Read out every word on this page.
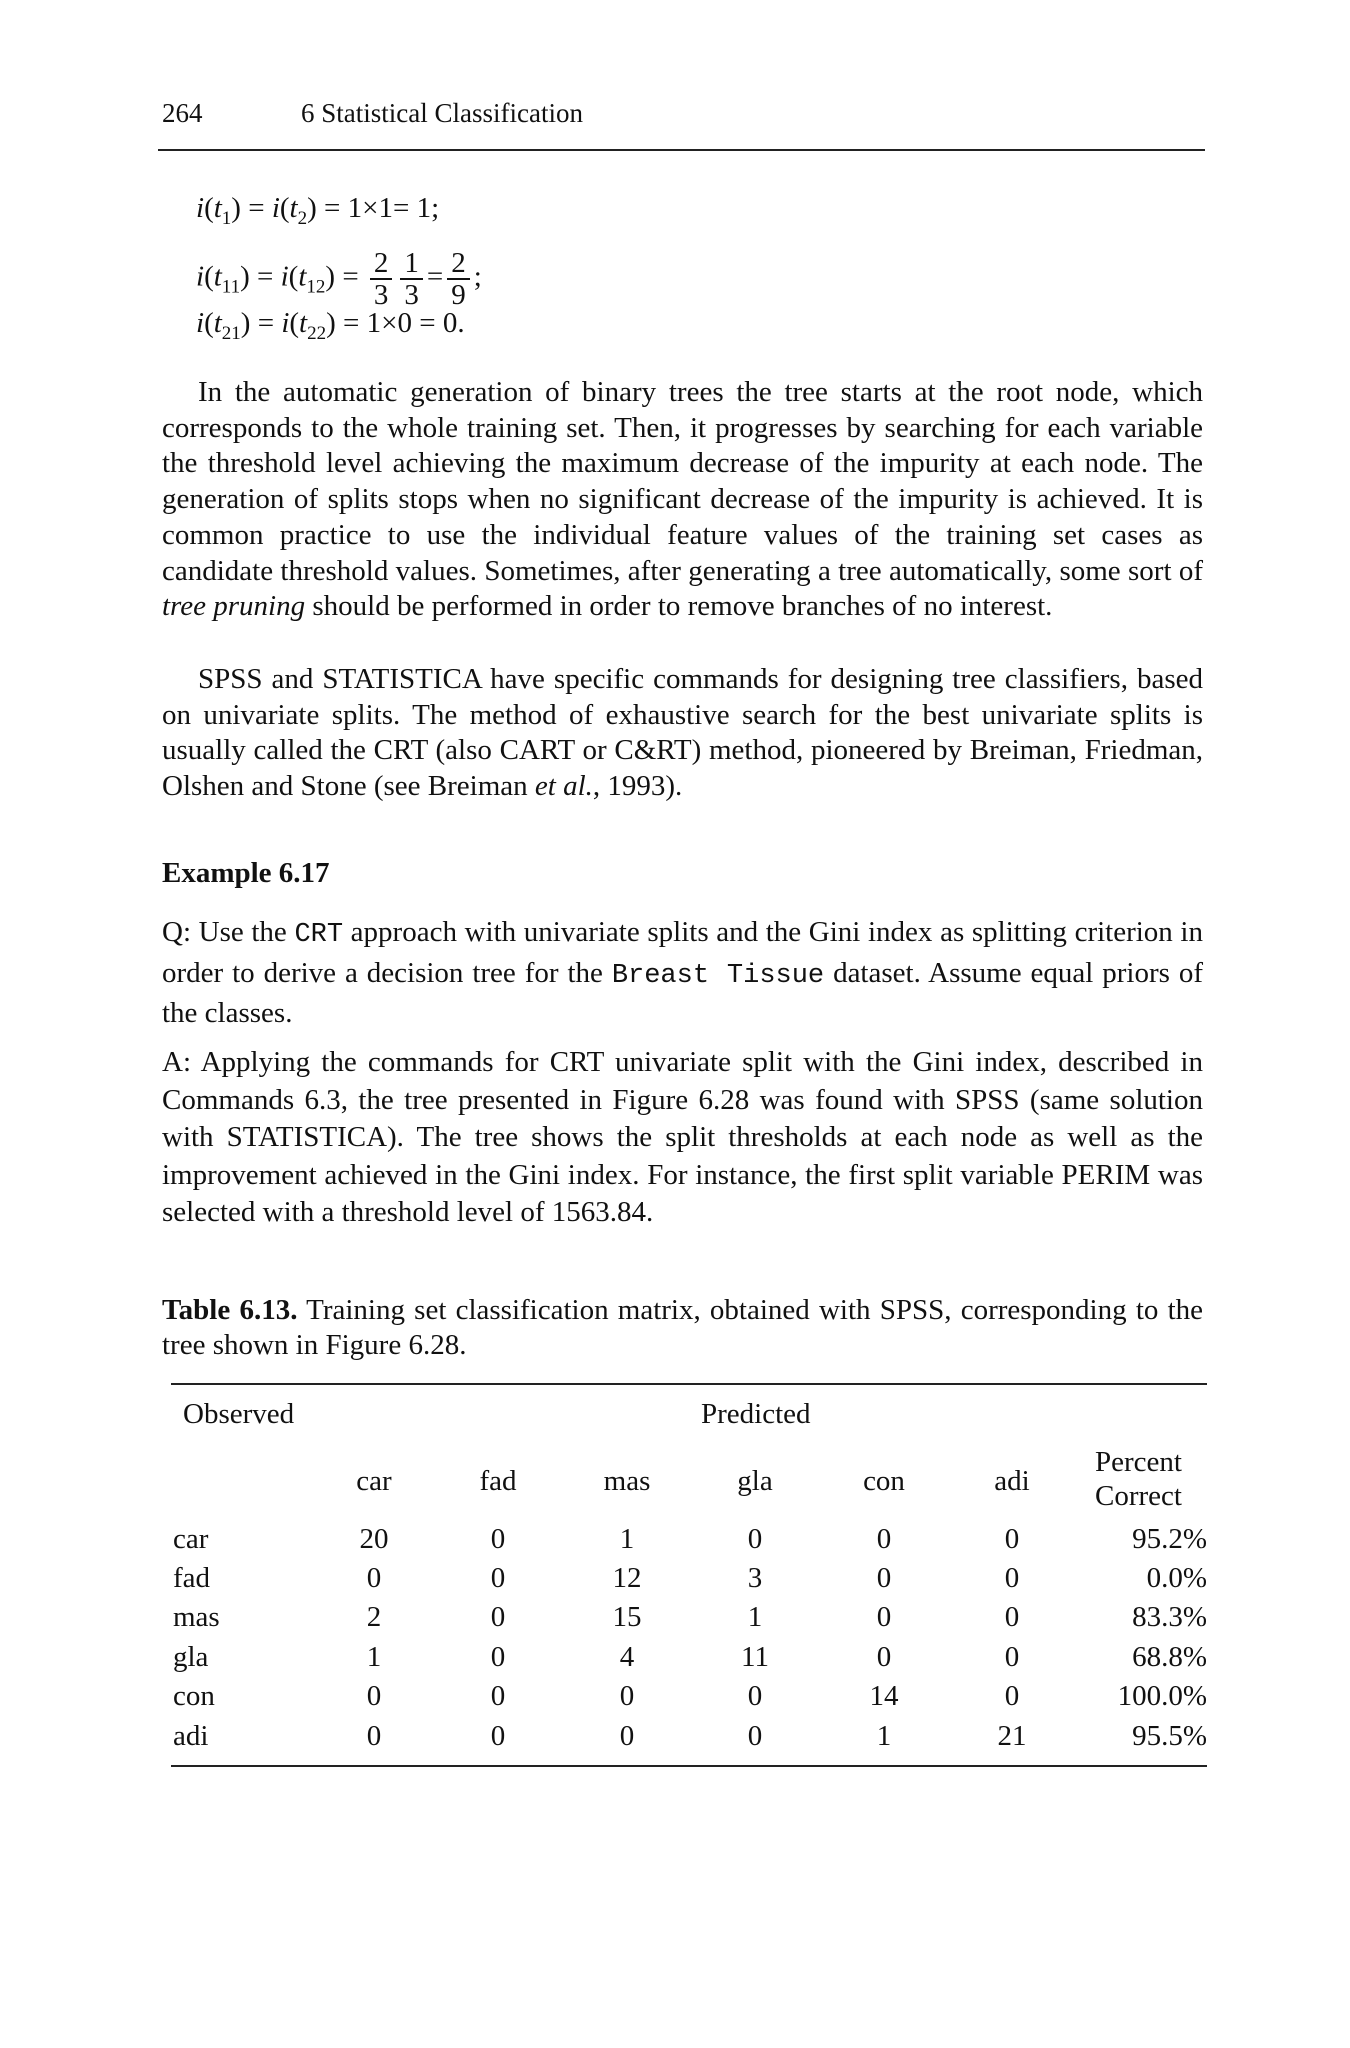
264	6 Statistical Classification
$i(t_1) = i(t_2) = 1\times 1= 1$;
$i(t_{11}) = i(t_{12}) = \frac{2}{3} \frac{1}{3} = \frac{2}{9}$ ;
$i(t_{21}) = i(t_{22}) = 1\times 0 = 0$.

In the automatic generation of binary trees the tree starts at the root node, which corresponds to the whole training set. Then, it progresses by searching for each variable the threshold level achieving the maximum decrease of the impurity at each node. The generation of splits stops when no significant decrease of the impurity is achieved. It is common practice to use the individual feature values of the training set cases as candidate threshold values. Sometimes, after generating a tree automatically, some sort of tree pruning should be performed in order to remove branches of no interest.

SPSS and STATISTICA have specific commands for designing tree classifiers, based on univariate splits. The method of exhaustive search for the best univariate splits is usually called the CRT (also CART or C&RT) method, pioneered by Breiman, Friedman, Olshen and Stone (see Breiman et al., 1993).

Example 6.17
Q: Use the CRT approach with univariate splits and the Gini index as splitting criterion in order to derive a decision tree for the Breast Tissue dataset. Assume equal priors of the classes.
A: Applying the commands for CRT univariate split with the Gini index, described in Commands 6.3, the tree presented in Figure 6.28 was found with SPSS (same solution with STATISTICA). The tree shows the split thresholds at each node as well as the improvement achieved in the Gini index. For instance, the first split variable PERIM was selected with a threshold level of 1563.84.
Table 6.13. Training set classification matrix, obtained with SPSS, corresponding to the tree shown in Figure 6.28.
Observed	Predicted
car	fad	mas	gla	con	adi
Percent
Correct
car	20	0	1	0	0	0	95.2%
fad	0	0	12	3	0	0	0.0%
mas	2	0	15	1	0	0	83.3%
gla	1	0	4	11	0	0	68.8%
con	0	0	0	0	14	0	100.0%
adi	0	0	0	0	1	21	95.5%
